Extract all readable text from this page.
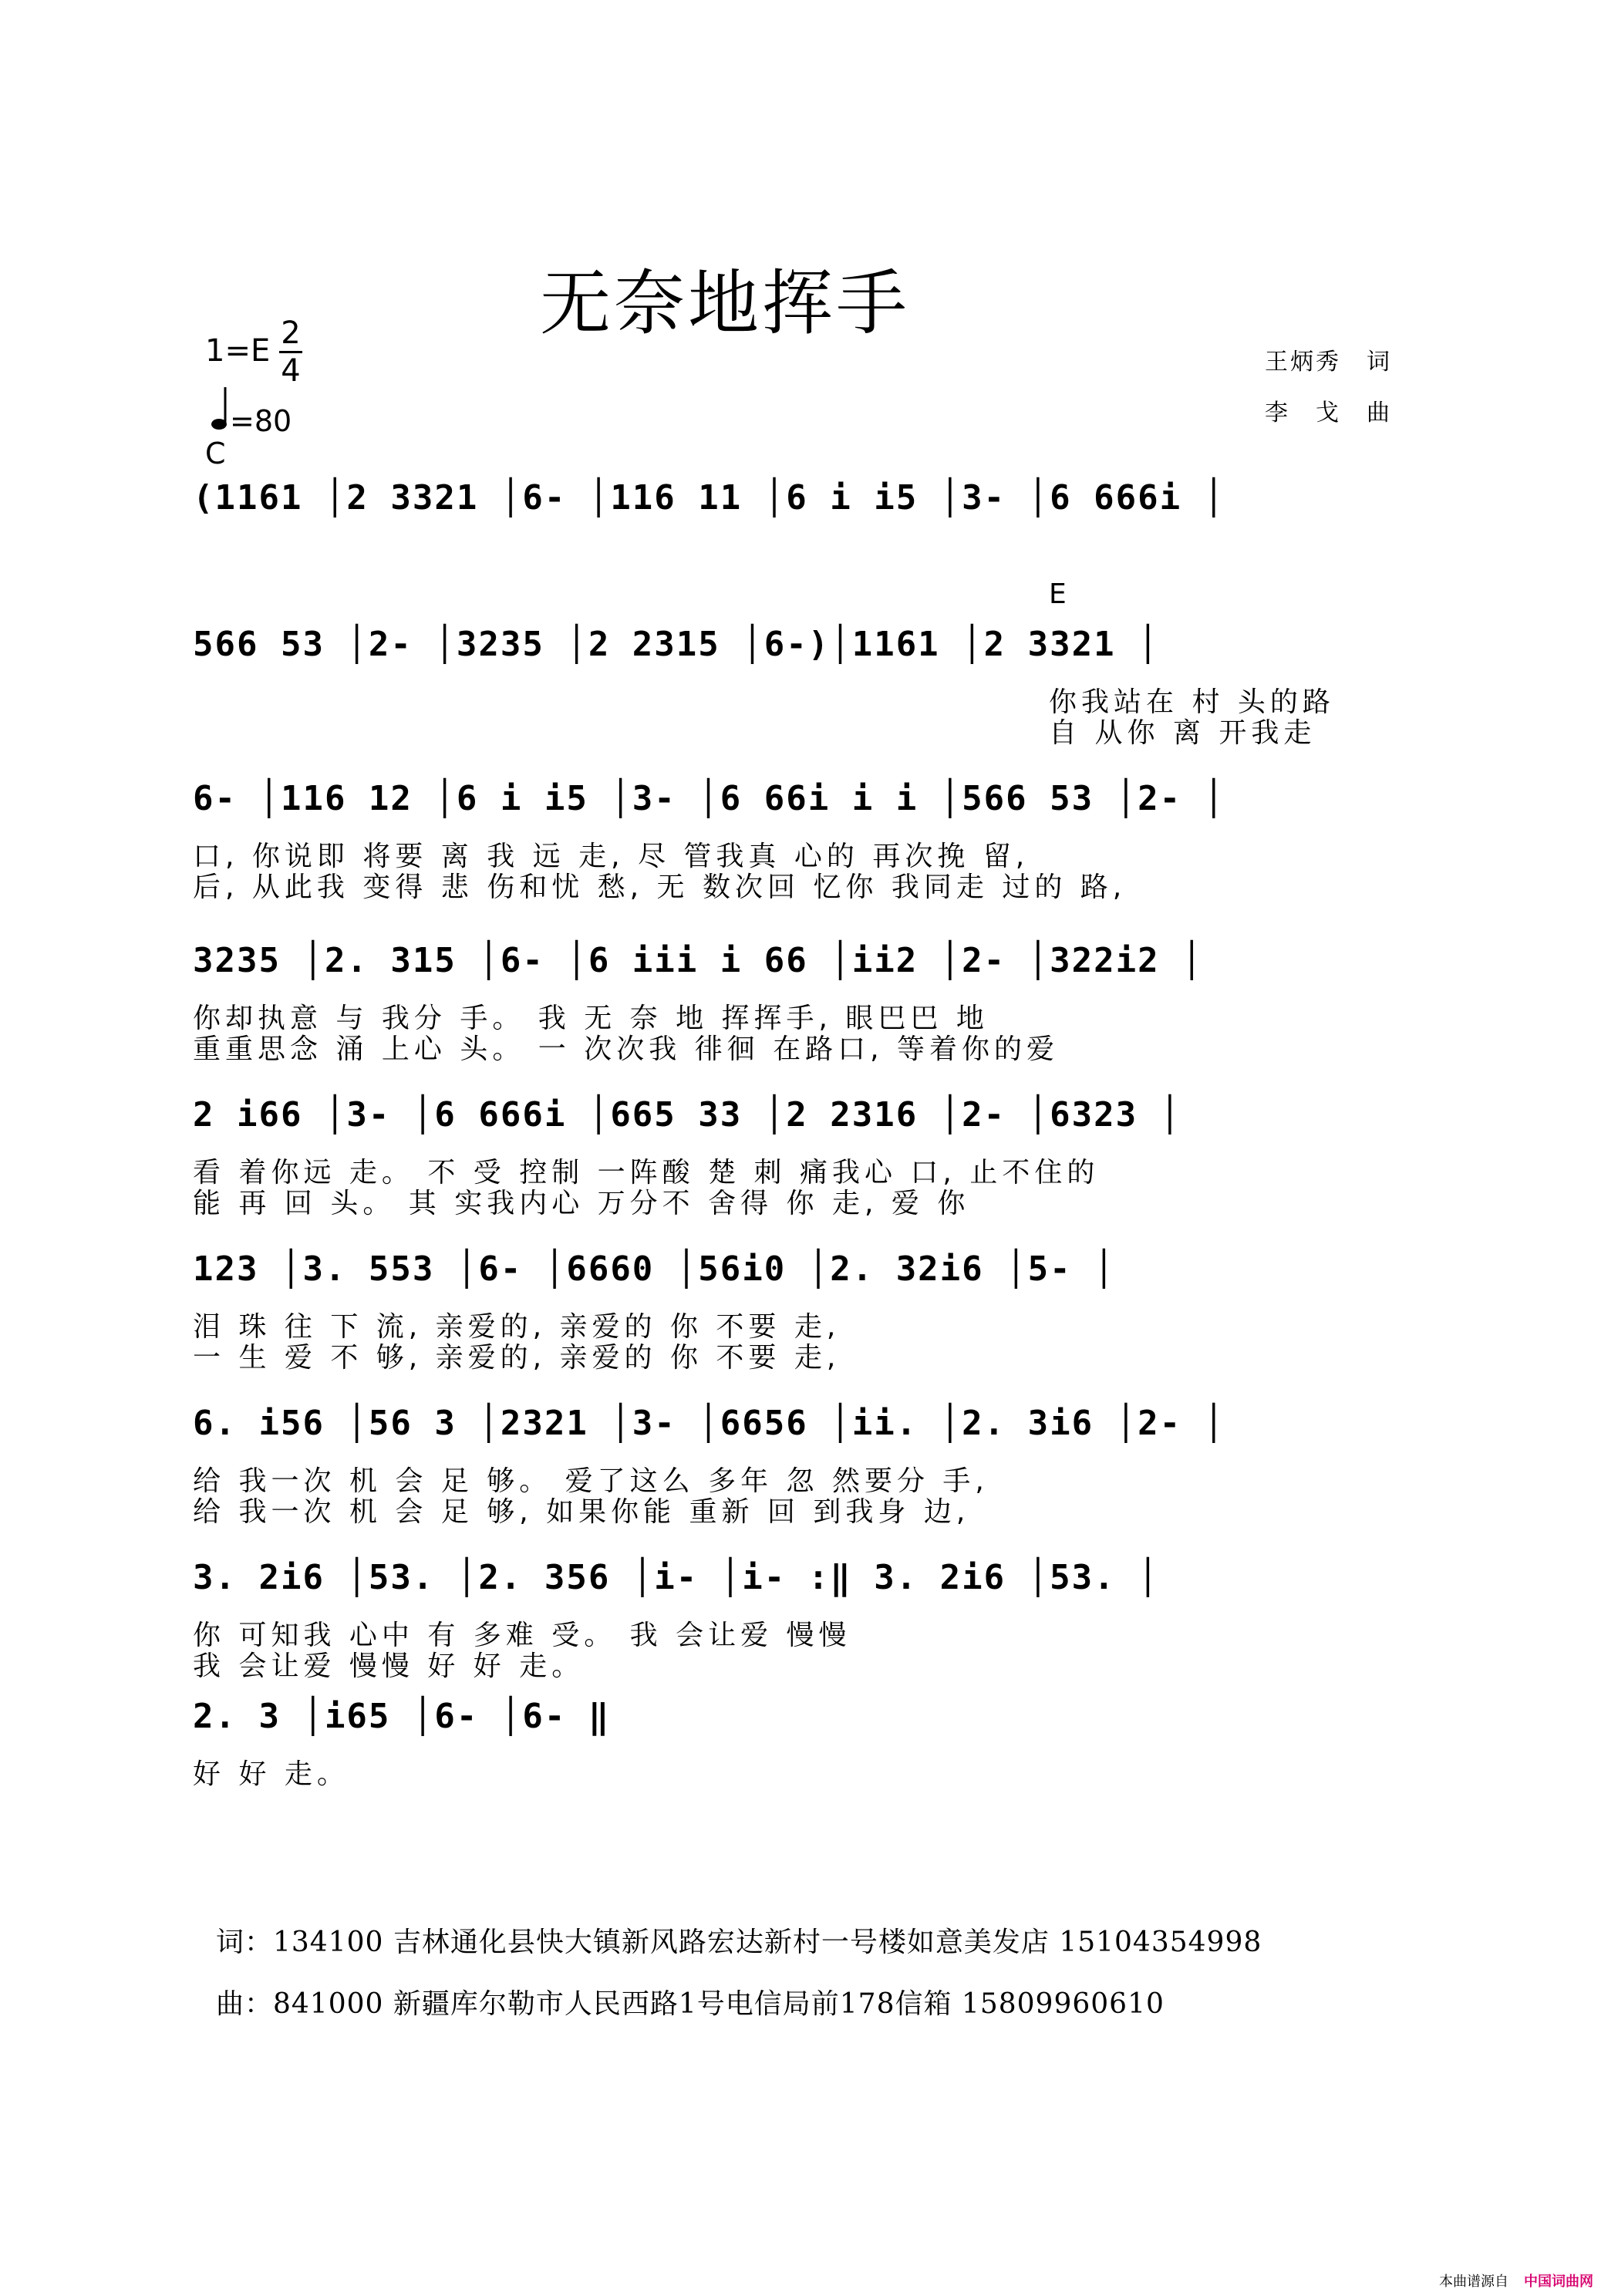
无奈地挥手
1=E 2
4
=80
C
王炳秀　词
李　戈　曲
(1161 │2 3321 │6- │116 11 │6 i i5 │3- │6 666i │
E
566 53 │2- │3235 │2 2315 │6-)│1161 │2 3321 │
你我站在 村 头的路
自 从你 离 开我走
6- │116 12 │6 i i5 │3- │6 66i i i │566 53 │2- │
口, 你说即 将要 离 我 远 走, 尽 管我真 心的 再次挽 留,
后, 从此我 变得 悲 伤和忧 愁, 无 数次回 忆你 我同走 过的 路,
3235 │2. 315 │6- │6 iii i 66 │ii2 │2- │322i2 │
你却执意 与 我分 手。 我 无 奈 地 挥挥手, 眼巴巴 地
重重思念 涌 上心 头。 一 次次我 徘徊 在路口, 等着你的爱
2 i66 │3- │6 666i │665 33 │2 2316 │2- │6323 │
看 着你远 走。 不 受 控制 一阵酸 楚 刺 痛我心 口, 止不住的
能 再 回 头。 其 实我内心 万分不 舍得 你 走, 爱 你
123 │3. 553 │6- │6660 │56i0 │2. 32i6 │5- │
泪 珠 往 下 流, 亲爱的, 亲爱的 你 不要 走,
一 生 爱 不 够, 亲爱的, 亲爱的 你 不要 走,
6. i56 │56 3 │2321 │3- │6656 │ii. │2. 3i6 │2- │
给 我一次 机 会 足 够。 爱了这么 多年 忽 然要分 手,
给 我一次 机 会 足 够, 如果你能 重新 回 到我身 边,
3. 2i6 │53. │2. 356 │i- │i- :‖ 3. 2i6 │53. │
你 可知我 心中 有 多难 受。 我 会让爱 慢慢
我 会让爱 慢慢 好 好 走。
2. 3 │i65 │6- │6- ‖
好 好 走。
词：134100 吉林通化县快大镇新风路宏达新村一号楼如意美发店 15104354998
曲：841000 新疆库尔勒市人民西路1号电信局前178信箱 15809960610
本曲谱源自 中国词曲网
